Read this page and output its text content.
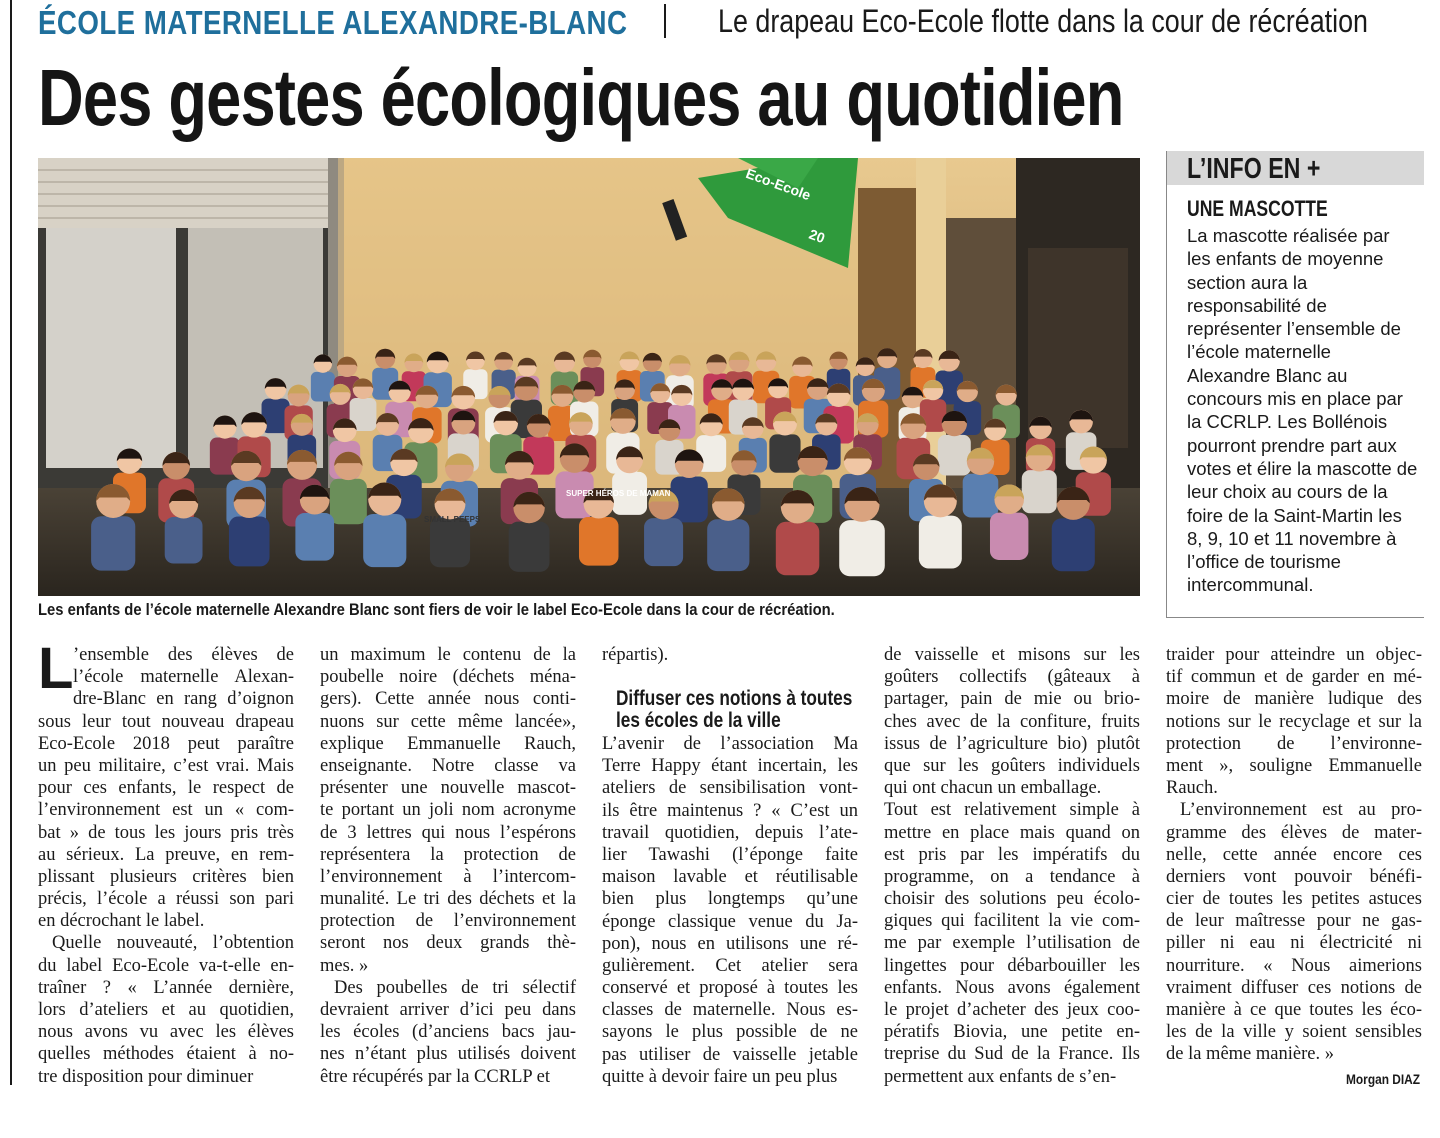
ÉCOLE MATERNELLE ALEXANDRE-BLANC	Le drapeau Eco-Ecole flotte dans la cour de récréation
Des gestes écologiques au quotidien
Eco-Ecole
20
SUPER HÉROS DE MAMAN
SMALL PEEPS
Les enfants de l’école maternelle Alexandre Blanc sont fiers de voir le label Eco-Ecole dans la cour de récréation.
L’INFO EN +
UNE MASCOTTE
La mascotte réalisée par
les enfants de moyenne
section aura la
responsabilité de
représenter l’ensemble de
l’école maternelle
Alexandre Blanc au
concours mis en place par
la CCRLP. Les Bollénois
pourront prendre part aux
votes et élire la mascotte de
leur choix au cours de la
foire de la Saint-Martin les
8, 9, 10 et 11 novembre à
l’office de tourisme
intercommunal.
L ’ensemble des élèves de
l’école maternelle Alexan-
dre-Blanc en rang d’oignon
sous leur tout nouveau drapeau
Eco-Ecole 2018 peut paraître
un peu militaire, c’est vrai. Mais
pour ces enfants, le respect de
l’environnement est un « com-
bat » de tous les jours pris très
au sérieux. La preuve, en rem-
plissant plusieurs critères bien
précis, l’école a réussi son pari
en décrochant le label.
Quelle nouveauté, l’obtention
du label Eco-Ecole va-t-elle en-
traîner ? « L’année dernière,
lors d’ateliers et au quotidien,
nous avons vu avec les élèves
quelles méthodes étaient à no-
tre disposition pour diminuer
un maximum le contenu de la
poubelle noire (déchets ména-
gers). Cette année nous conti-
nuons sur cette même lancée»,
explique Emmanuelle Rauch,
enseignante. Notre classe va
présenter une nouvelle mascot-
te portant un joli nom acronyme
de 3 lettres qui nous l’espérons
représentera la protection de
l’environnement à l’intercom-
munalité. Le tri des déchets et la
protection de l’environnement
seront nos deux grands thè-
mes. »
Des poubelles de tri sélectif
devraient arriver d’ici peu dans
les écoles (d’anciens bacs jau-
nes n’étant plus utilisés doivent
être récupérés par la CCRLP et
répartis).
Diffuser ces notions à toutes
les écoles de la ville
L’avenir de l’association Ma
Terre Happy étant incertain, les
ateliers de sensibilisation vont-
ils être maintenus ? « C’est un
travail quotidien, depuis l’ate-
lier Tawashi (l’éponge faite
maison lavable et réutilisable
bien plus longtemps qu’une
éponge classique venue du Ja-
pon), nous en utilisons une ré-
gulièrement. Cet atelier sera
conservé et proposé à toutes les
classes de maternelle. Nous es-
sayons le plus possible de ne
pas utiliser de vaisselle jetable
quitte à devoir faire un peu plus
de vaisselle et misons sur les
goûters collectifs (gâteaux à
partager, pain de mie ou brio-
ches avec de la confiture, fruits
issus de l’agriculture bio) plutôt
que sur les goûters individuels
qui ont chacun un emballage.
Tout est relativement simple à
mettre en place mais quand on
est pris par les impératifs du
programme, on a tendance à
choisir des solutions peu écolo-
giques qui facilitent la vie com-
me par exemple l’utilisation de
lingettes pour débarbouiller les
enfants. Nous avons également
le projet d’acheter des jeux coo-
pératifs Biovia, une petite en-
treprise du Sud de la France. Ils
permettent aux enfants de s’en-
traider pour atteindre un objec-
tif commun et de garder en mé-
moire de manière ludique des
notions sur le recyclage et sur la
protection de l’environne-
ment », souligne Emmanuelle
Rauch.
L’environnement est au pro-
gramme des élèves de mater-
nelle, cette année encore ces
derniers vont pouvoir bénéfi-
cier de toutes les petites astuces
de leur maîtresse pour ne gas-
piller ni eau ni électricité ni
nourriture. « Nous aimerions
vraiment diffuser ces notions de
manière à ce que toutes les éco-
les de la ville y soient sensibles
de la même manière. »
Morgan DIAZ
